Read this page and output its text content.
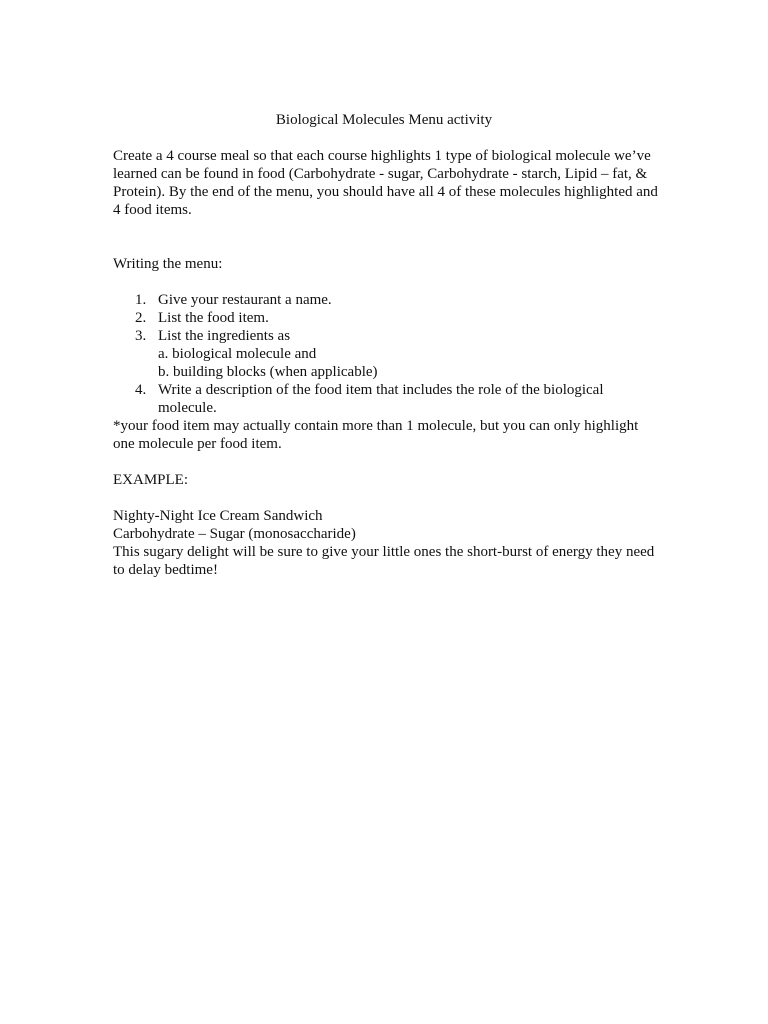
Biological Molecules Menu activity

Create a 4 course meal so that each course highlights 1 type of biological molecule we’ve learned can be found in food (Carbohydrate - sugar, Carbohydrate - starch, Lipid – fat, & Protein). By the end of the menu, you should have all 4 of these molecules highlighted and 4 food items.

Writing the menu:

1. Give your restaurant a name.
2. List the food item.
3. List the ingredients as
a. biological molecule and
b. building blocks (when applicable)
4. Write a description of the food item that includes the role of the biological molecule.

*your food item may actually contain more than 1 molecule, but you can only highlight one molecule per food item.

EXAMPLE:

Nighty-Night Ice Cream Sandwich

Carbohydrate – Sugar (monosaccharide)

This sugary delight will be sure to give your little ones the short-burst of energy they need to delay bedtime!
